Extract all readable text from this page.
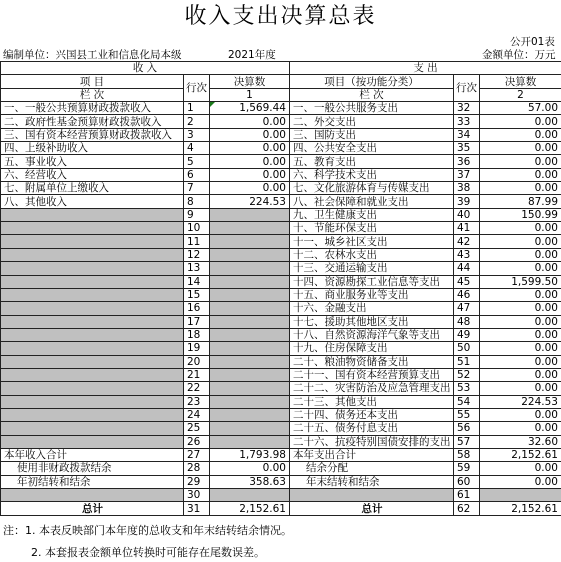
收入支出决算总表
公开01表
编制单位：兴国县工业和信息化局本级	2021年度	金额单位：万元
收 入			支 出		
项 目	行次	决算数	项目（按功能分类）	行次	决算数
栏 次		1	栏 次		2
一、一般公共预算财政拨款收入	1	1,569.44	一、一般公共服务支出	32	57.00
二、政府性基金预算财政拨款收入	2	0.00	二、外交支出	33	0.00
三、国有资本经营预算财政拨款收入	3	0.00	三、国防支出	34	0.00
四、上级补助收入	4	0.00	四、公共安全支出	35	0.00
五、事业收入	5	0.00	五、教育支出	36	0.00
六、经营收入	6	0.00	六、科学技术支出	37	0.00
七、附属单位上缴收入	7	0.00	七、文化旅游体育与传媒支出	38	0.00
八、其他收入	8	224.53	八、社会保障和就业支出	39	87.99
	9		九、卫生健康支出	40	150.99
	10		十、节能环保支出	41	0.00
	11		十一、城乡社区支出	42	0.00
	12		十二、农林水支出	43	0.00
	13		十三、交通运输支出	44	0.00
	14		十四、资源勘探工业信息等支出	45	1,599.50
	15		十五、商业服务业等支出	46	0.00
	16		十六、金融支出	47	0.00
	17		十七、援助其他地区支出	48	0.00
	18		十八、自然资源海洋气象等支出	49	0.00
	19		十九、住房保障支出	50	0.00
	20		二十、粮油物资储备支出	51	0.00
	21		二十一、国有资本经营预算支出	52	0.00
	22		二十二、灾害防治及应急管理支出	53	0.00
	23		二十三、其他支出	54	224.53
	24		二十四、债务还本支出	55	0.00
	25		二十五、债务付息支出	56	0.00
	26		二十六、抗疫特别国债安排的支出	57	32.60
本年收入合计	27	1,793.98	本年支出合计	58	2,152.61
使用非财政拨款结余	28	0.00	结余分配	59	0.00
年初结转和结余	29	358.63	年末结转和结余	60	0.00
	30			61	
总计	31	2,152.61	总计	62	2,152.61
注：1. 本表反映部门本年度的总收支和年末结转结余情况。
2. 本套报表金额单位转换时可能存在尾数误差。
